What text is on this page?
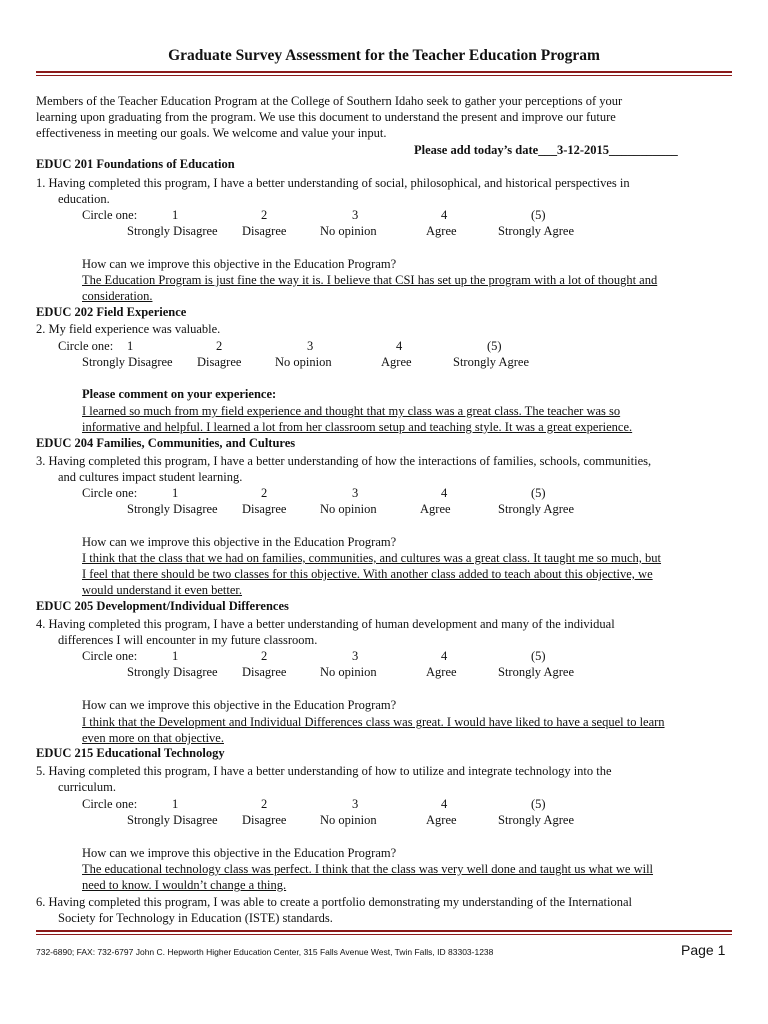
Graduate Survey Assessment for the Teacher Education Program
Members of the Teacher Education Program at the College of Southern Idaho seek to gather your perceptions of your
learning upon graduating from the program. We use this document to understand the present and improve our future
effectiveness in meeting our goals. We welcome and value your input.
Please add today’s date___3-12-2015___________
EDUC 201 Foundations of Education
1. Having completed this program, I have a better understanding of social, philosophical, and historical perspectives in
education.
Circle one:	1	2	3	4	(5)
Strongly Disagree Disagree	No opinion	Agree	Strongly Agree
How can we improve this objective in the Education Program?
The Education Program is just fine the way it is. I believe that CSI has set up the program with a lot of thought and
consideration.
EDUC 202 Field Experience
2. My field experience was valuable.
Circle one: 1	2	3	4	(5)
Strongly Disagree Disagree	No opinion	Agree	Strongly Agree
Please comment on your experience:
I learned so much from my field experience and thought that my class was a great class. The teacher was so
informative and helpful. I learned a lot from her classroom setup and teaching style. It was a great experience.
EDUC 204 Families, Communities, and Cultures
3. Having completed this program, I have a better understanding of how the interactions of families, schools, communities,
and cultures impact student learning.
Circle one:	1	2	3	4	(5)
Strongly Disagree Disagree	No opinion	Agree	Strongly Agree
How can we improve this objective in the Education Program?
I think that the class that we had on families, communities, and cultures was a great class. It taught me so much, but
I feel that there should be two classes for this objective. With another class added to teach about this objective, we
would understand it even better.
EDUC 205 Development/Individual Differences
4. Having completed this program, I have a better understanding of human development and many of the individual
differences I will encounter in my future classroom.
Circle one:	1	2	3	4	(5)
Strongly Disagree Disagree	No opinion	Agree	Strongly Agree
How can we improve this objective in the Education Program?
I think that the Development and Individual Differences class was great. I would have liked to have a sequel to learn
even more on that objective.
EDUC 215 Educational Technology
5. Having completed this program, I have a better understanding of how to utilize and integrate technology into the
curriculum.
Circle one:	1	2	3	4	(5)
Strongly Disagree Disagree	No opinion	Agree	Strongly Agree
How can we improve this objective in the Education Program?
The educational technology class was perfect. I think that the class was very well done and taught us what we will
need to know. I wouldn’t change a thing.
6. Having completed this program, I was able to create a portfolio demonstrating my understanding of the International
Society for Technology in Education (ISTE) standards.
732-6890; FAX: 732-6797 John C. Hepworth Higher Education Center, 315 Falls Avenue West, Twin Falls, ID 83303-1238	Page 1
